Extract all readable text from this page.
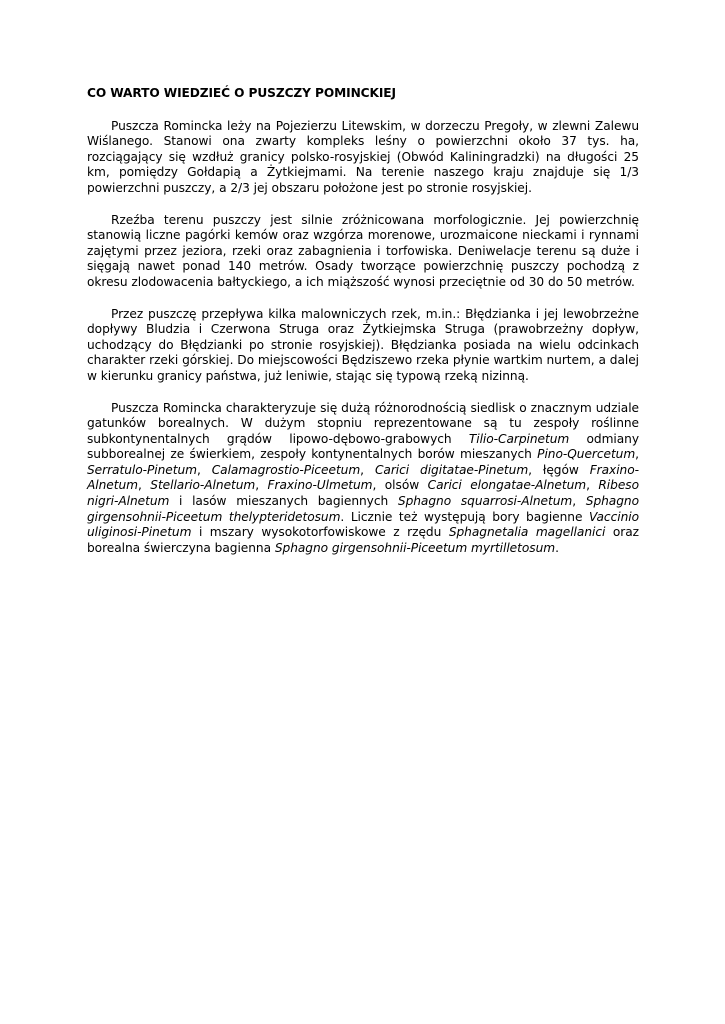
CO WARTO WIEDZIEĆ O PUSZCZY POMINCKIEJ

Puszcza Romincka leży na Pojezierzu Litewskim, w dorzeczu Pregoły, w zlewni Zalewu Wiślanego. Stanowi ona zwarty kompleks leśny o powierzchni około 37 tys. ha, rozciągający się wzdłuż granicy polsko-rosyjskiej (Obwód Kaliningradzki) na długości 25 km, pomiędzy Gołdapią a Żytkiejmami. Na terenie naszego kraju znajduje się 1/3 powierzchni puszczy, a 2/3 jej obszaru położone jest po stronie rosyjskiej.

Rzeźba terenu puszczy jest silnie zróżnicowana morfologicznie. Jej powierzchnię stanowią liczne pagórki kemów oraz wzgórza morenowe, urozmaicone nieckami i rynnami zajętymi przez jeziora, rzeki oraz zabagnienia i torfowiska. Deniwelacje terenu są duże i sięgają nawet ponad 140 metrów. Osady tworzące powierzchnię puszczy pochodzą z okresu zlodowacenia bałtyckiego, a ich miąższość wynosi przeciętnie od 30 do 50 metrów.

Przez puszczę przepływa kilka malowniczych rzek, m.in.: Błędzianka i jej lewobrzeżne dopływy Bludzia i Czerwona Struga oraz Żytkiejmska Struga (prawobrzeżny dopływ, uchodzący do Błędzianki po stronie rosyjskiej). Błędzianka posiada na wielu odcinkach charakter rzeki górskiej. Do miejscowości Będziszewo rzeka płynie wartkim nurtem, a dalej w kierunku granicy państwa, już leniwie, stając się typową rzeką nizinną.

Puszcza Romincka charakteryzuje się dużą różnorodnością siedlisk o znacznym udziale gatunków borealnych. W dużym stopniu reprezentowane są tu zespoły roślinne subkontynentalnych grądów lipowo-dębowo-grabowych Tilio-Carpinetum odmiany subborealnej ze świerkiem, zespoły kontynentalnych borów mieszanych Pino-Quercetum, Serratulo-Pinetum, Calamagrostio-Piceetum, Carici digitatae-Pinetum, łęgów Fraxino-Alnetum, Stellario-Alnetum, Fraxino-Ulmetum, olsów Carici elongatae-Alnetum, Ribeso nigri-Alnetum i lasów mieszanych bagiennych Sphagno squarrosi-Alnetum, Sphagno girgensohnii-Piceetum thelypteridetosum. Licznie też występują bory bagienne Vaccinio uliginosi-Pinetum i mszary wysokotorfowiskowe z rzędu Sphagnetalia magellanici oraz borealna świerczyna bagienna Sphagno girgensohnii-Piceetum myrtilletosum.
